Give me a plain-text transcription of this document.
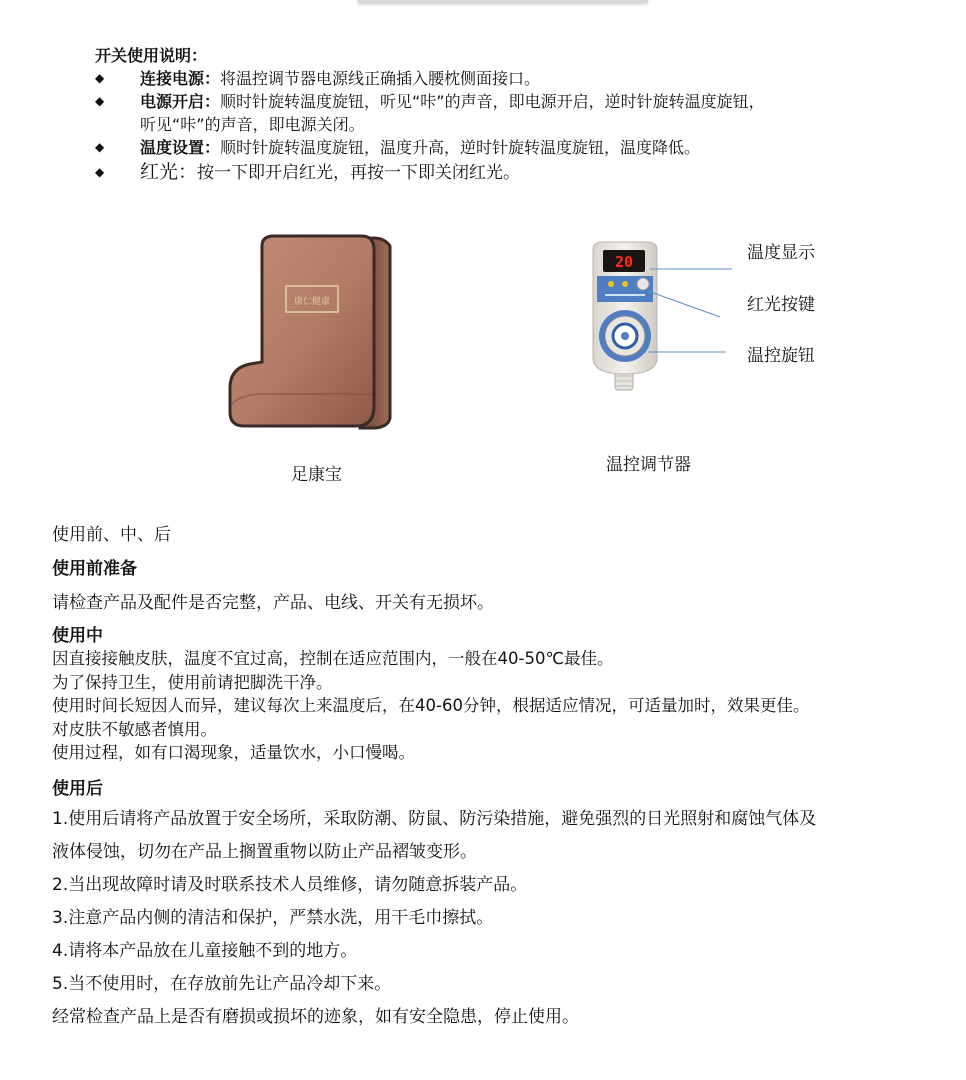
开关使用说明：
◆ 连接电源：将温控调节器电源线正确插入腰枕侧面接口。
◆ 电源开启：顺时针旋转温度旋钮，听见“咔”的声音，即电源开启，逆时针旋转温度旋钮，
听见“咔”的声音，即电源关闭。
◆ 温度设置：顺时针旋转温度旋钮，温度升高，逆时针旋转温度旋钮，温度降低。
◆ 红光：按一下即开启红光，再按一下即关闭红光。
康仁健康
足康宝
20	温度显示
红光按键
温控旋钮
温控调节器
使用前、中、后
使用前准备
请检查产品及配件是否完整，产品、电线、开关有无损坏。
使用中
因直接接触皮肤，温度不宜过高，控制在适应范围内，一般在40-50℃最佳。
为了保持卫生，使用前请把脚洗干净。
使用时间长短因人而异，建议每次上来温度后，在40-60分钟，根据适应情况，可适量加时，效果更佳。
对皮肤不敏感者慎用。
使用过程，如有口渴现象，适量饮水，小口慢喝。
使用后
1.使用后请将产品放置于安全场所，采取防潮、防鼠、防污染措施，避免强烈的日光照射和腐蚀气体及
液体侵蚀，切勿在产品上搁置重物以防止产品褶皱变形。
2.当出现故障时请及时联系技术人员维修，请勿随意拆装产品。
3.注意产品内侧的清洁和保护，严禁水洗，用干毛巾擦拭。
4.请将本产品放在儿童接触不到的地方。
5.当不使用时，在存放前先让产品冷却下来。
经常检查产品上是否有磨损或损坏的迹象，如有安全隐患，停止使用。
